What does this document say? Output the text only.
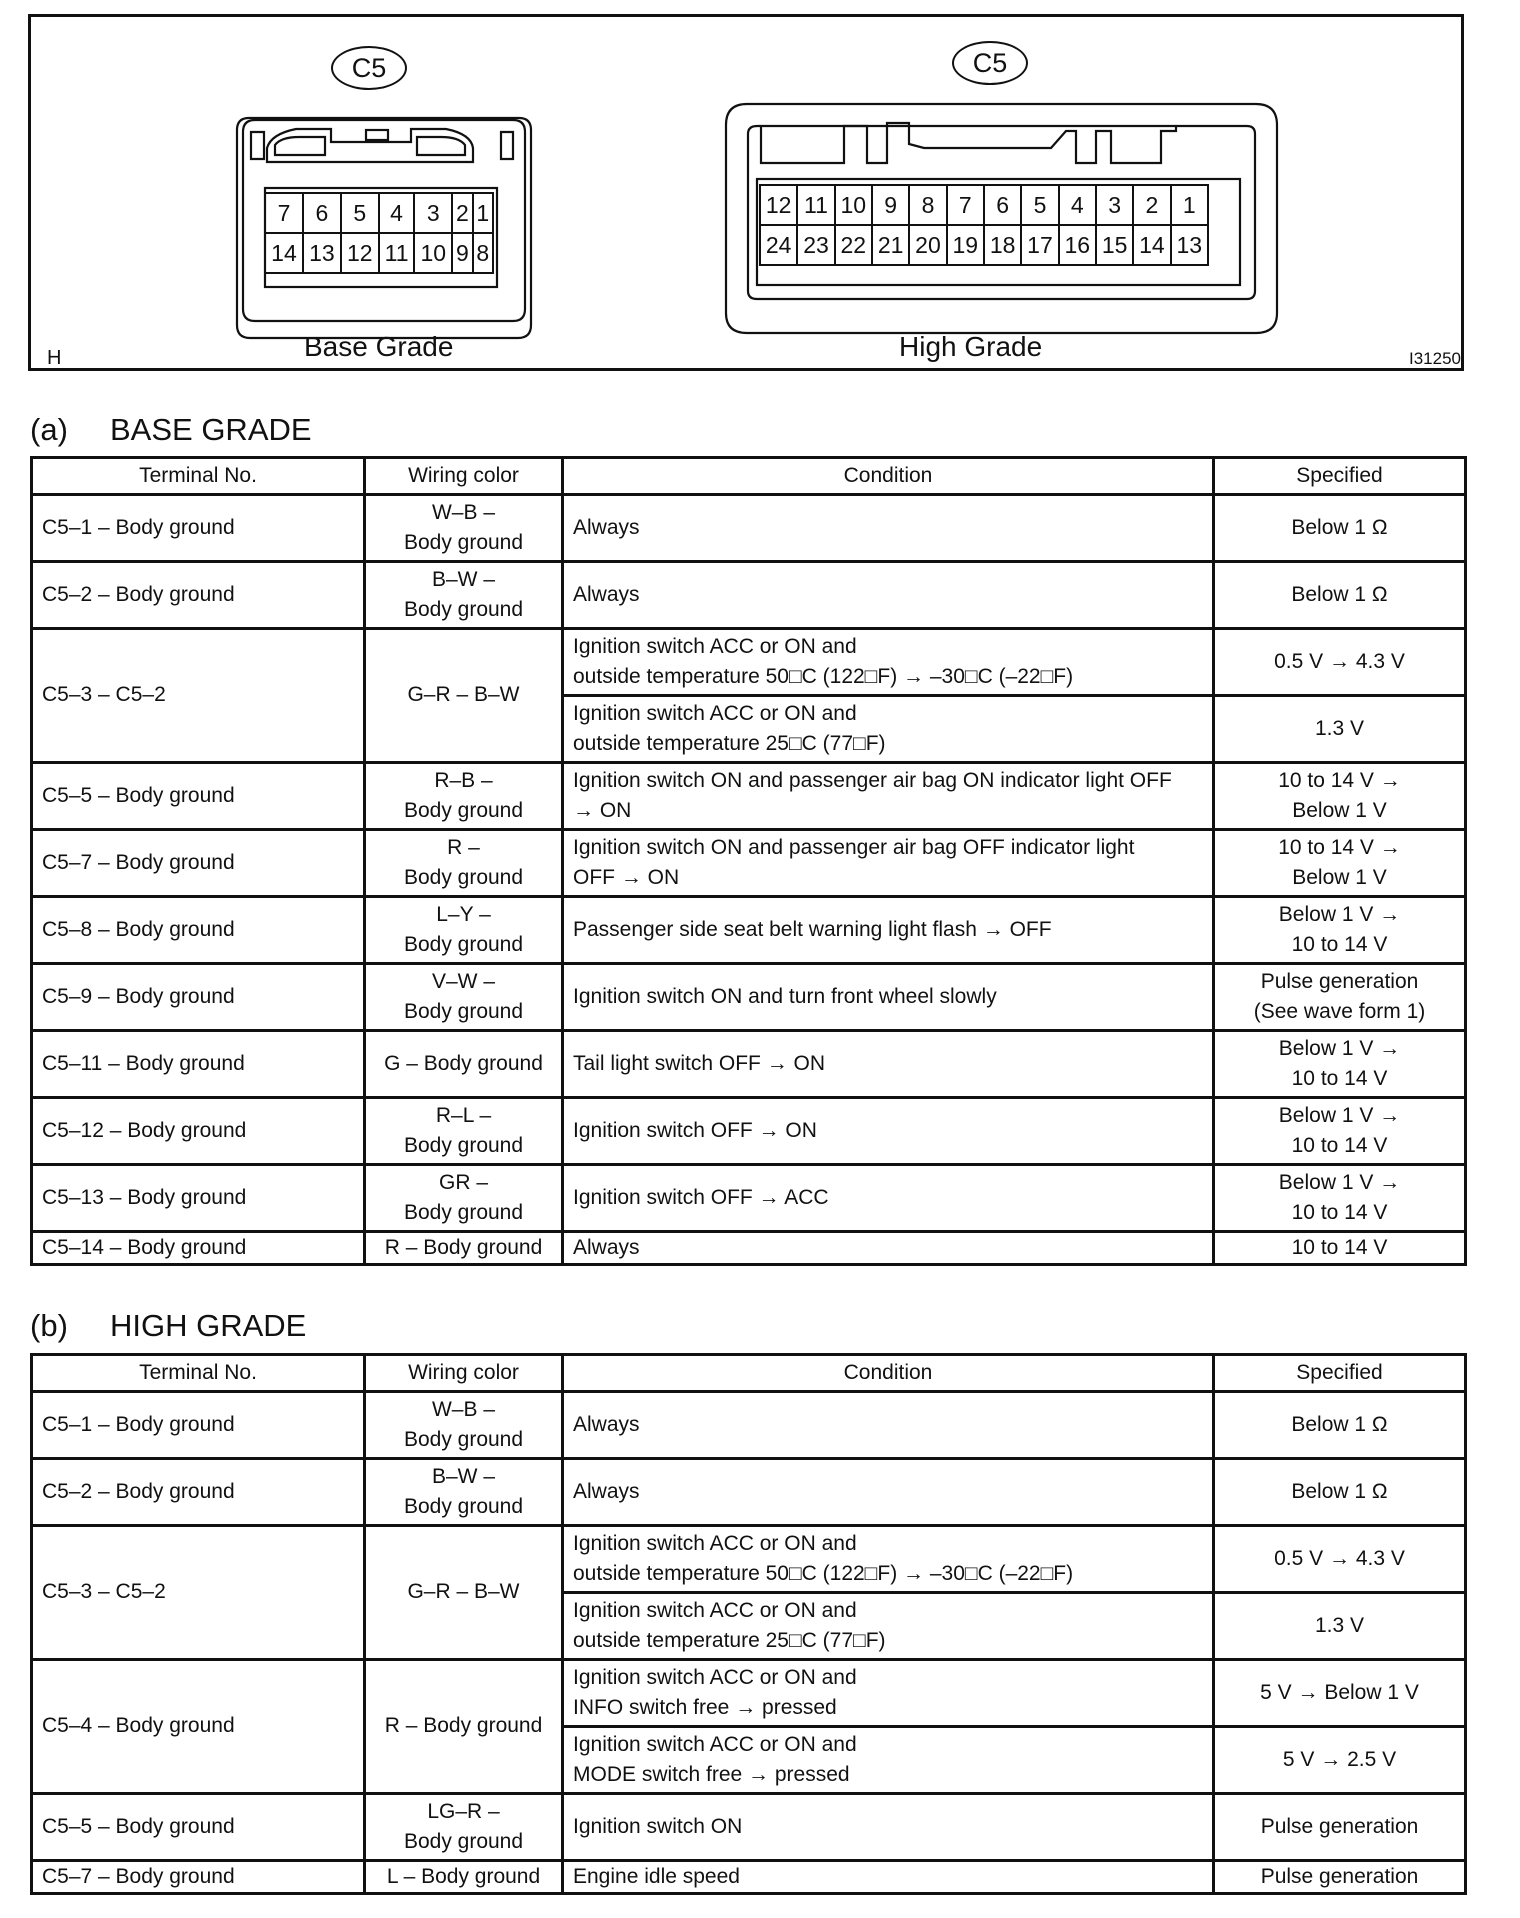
C5	C5
7	6	5	4	3	2	1
14	13	12	11	10	9	8
12	11	10	9	8	7	6	5	4	3	2	1
24	23	22	21	20	19	18	17	16	15	14	13
Base Grade	High Grade
H	I31250
(a) BASE GRADE
Terminal No.	Wiring color	Condition	Specified
C5–1 – Body ground	W–B –
Body ground	Always	Below 1 Ω

C5–2 – Body ground	B–W –
Body ground	Always	Below 1 Ω

C5–3 – C5–2	G–R – B–W	Ignition switch ACC or ON and
outside temperature 50□C (122□F) → –30□C (–22□F)	0.5 V → 4.3 V

		Ignition switch ACC or ON and
outside temperature 25□C (77□F)	1.3 V

C5–5 – Body ground	R–B –
Body ground	Ignition switch ON and passenger air bag ON indicator light OFF
→ ON	10 to 14 V →
Below 1 V

C5–7 – Body ground	R –
Body ground	Ignition switch ON and passenger air bag OFF indicator light
OFF → ON	10 to 14 V →
Below 1 V

C5–8 – Body ground	L–Y –
Body ground	Passenger side seat belt warning light flash → OFF	Below 1 V →
10 to 14 V

C5–9 – Body ground	V–W –
Body ground	Ignition switch ON and turn front wheel slowly	Pulse generation
(See wave form 1)

C5–11 – Body ground	G – Body ground	Tail light switch OFF → ON	Below 1 V →
10 to 14 V

C5–12 – Body ground	R–L –
Body ground	Ignition switch OFF → ON	Below 1 V →
10 to 14 V

C5–13 – Body ground	GR –
Body ground	Ignition switch OFF → ACC	Below 1 V →
10 to 14 V

C5–14 – Body ground	R – Body ground	Always	10 to 14 V
(b) HIGH GRADE
Terminal No.	Wiring color	Condition	Specified
C5–1 – Body ground	W–B –
Body ground	Always	Below 1 Ω

C5–2 – Body ground	B–W –
Body ground	Always	Below 1 Ω

C5–3 – C5–2	G–R – B–W	Ignition switch ACC or ON and
outside temperature 50□C (122□F) → –30□C (–22□F)	0.5 V → 4.3 V

		Ignition switch ACC or ON and
outside temperature 25□C (77□F)	1.3 V

C5–4 – Body ground	R – Body ground	Ignition switch ACC or ON and
INFO switch free → pressed	5 V → Below 1 V

		Ignition switch ACC or ON and
MODE switch free → pressed	5 V → 2.5 V

C5–5 – Body ground	LG–R –
Body ground	Ignition switch ON	Pulse generation

C5–7 – Body ground	L – Body ground	Engine idle speed	Pulse generation
